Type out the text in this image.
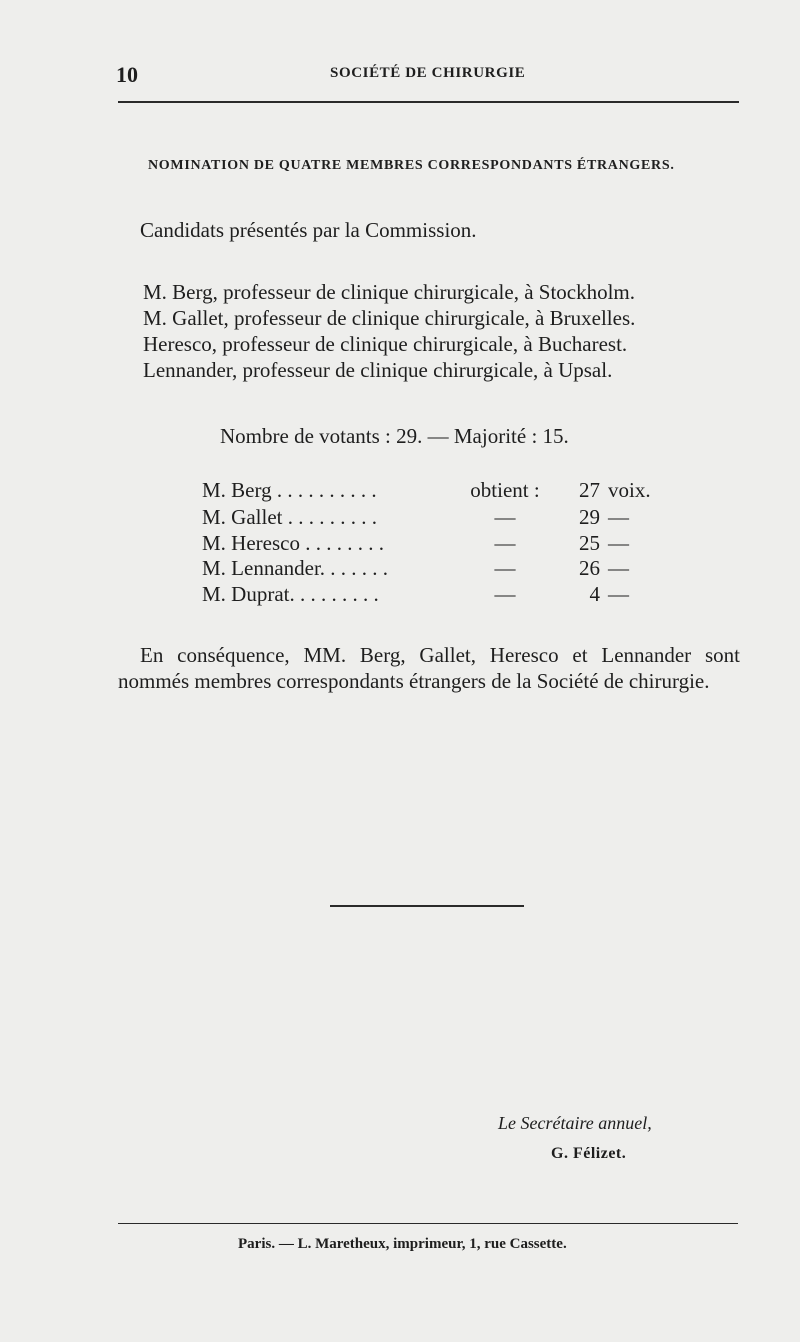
10	SOCIÉTÉ DE CHIRURGIE
NOMINATION DE QUATRE MEMBRES CORRESPONDANTS ÉTRANGERS.
Candidats présentés par la Commission.
M. Berg, professeur de clinique chirurgicale, à Stockholm.
M. Gallet, professeur de clinique chirurgicale, à Bruxelles.
Heresco, professeur de clinique chirurgicale, à Bucharest.
Lennander, professeur de clinique chirurgicale, à Upsal.
Nombre de votants : 29. — Majorité : 15.
M. Berg . . . . . . . . . .	obtient :	27 voix.
M. Gallet . . . . . . . . .	—	29 —
M. Heresco . . . . . . . .	—	25 —
M. Lennander. . . . . . .	—	26 —
M. Duprat. . . . . . . . .	—	4 —
En conséquence, MM. Berg, Gallet, Heresco et Lennander sont nommés membres correspondants étrangers de la Société de chirurgie.
Le Secrétaire annuel,
G. Félizet.
Paris. — L. Maretheux, imprimeur, 1, rue Cassette.
